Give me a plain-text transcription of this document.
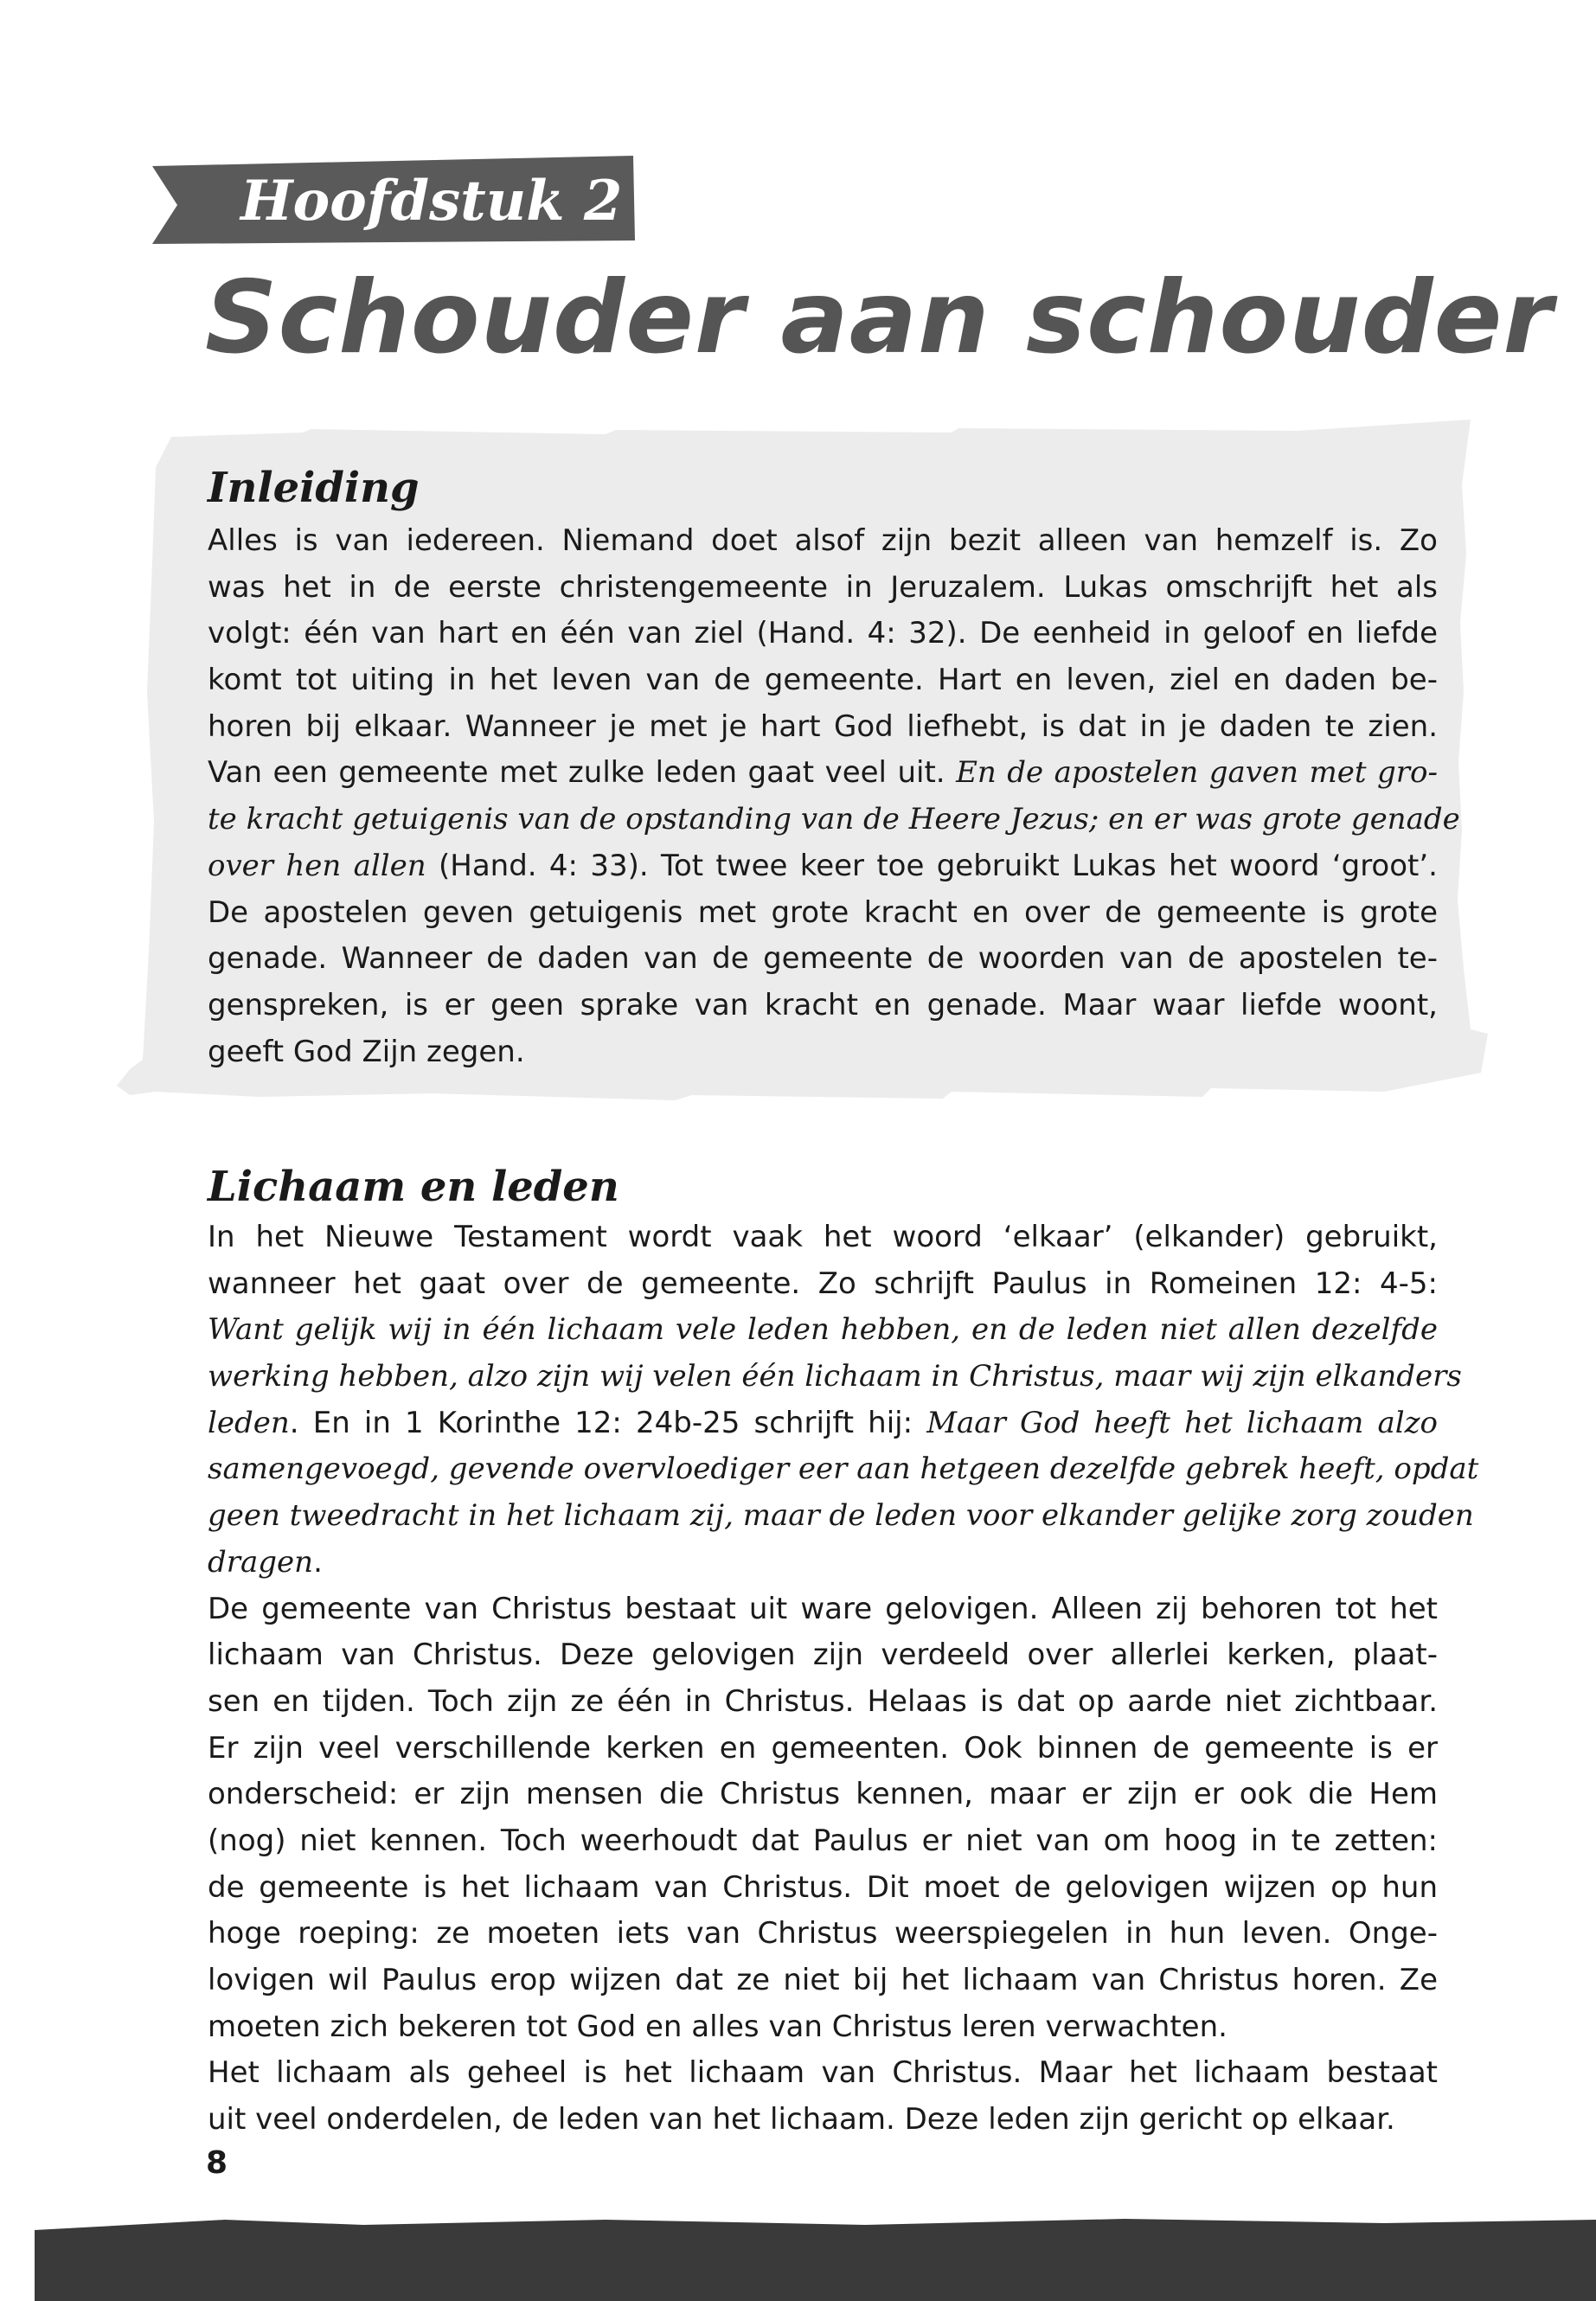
Hoofdstuk 2
Schouder aan schouder
Inleiding
Alles is van iedereen. Niemand doet alsof zijn bezit alleen van hemzelf is. Zo
was het in de eerste christengemeente in Jeruzalem. Lukas omschrijft het als
volgt: één van hart en één van ziel (Hand. 4: 32). De eenheid in geloof en liefde
komt tot uiting in het leven van de gemeente. Hart en leven, ziel en daden be-
horen bij elkaar. Wanneer je met je hart God liefhebt, is dat in je daden te zien.
Van een gemeente met zulke leden gaat veel uit. En de apostelen gaven met gro-
te kracht getuigenis van de opstanding van de Heere Jezus; en er was grote genade
over hen allen (Hand. 4: 33). Tot twee keer toe gebruikt Lukas het woord ‘groot’.
De apostelen geven getuigenis met grote kracht en over de gemeente is grote
genade. Wanneer de daden van de gemeente de woorden van de apostelen te-
genspreken, is er geen sprake van kracht en genade. Maar waar liefde woont,
geeft God Zijn zegen.
Lichaam en leden
In het Nieuwe Testament wordt vaak het woord ‘elkaar’ (elkander) gebruikt,
wanneer het gaat over de gemeente. Zo schrijft Paulus in Romeinen 12: 4-5:
Want gelijk wij in één lichaam vele leden hebben, en de leden niet allen dezelfde
werking hebben, alzo zijn wij velen één lichaam in Christus, maar wij zijn elkanders
leden. En in 1 Korinthe 12: 24b-25 schrijft hij: Maar God heeft het lichaam alzo
samengevoegd, gevende overvloediger eer aan hetgeen dezelfde gebrek heeft, opdat
geen tweedracht in het lichaam zij, maar de leden voor elkander gelijke zorg zouden
dragen.
De gemeente van Christus bestaat uit ware gelovigen. Alleen zij behoren tot het
lichaam van Christus. Deze gelovigen zijn verdeeld over allerlei kerken, plaat-
sen en tijden. Toch zijn ze één in Christus. Helaas is dat op aarde niet zichtbaar.
Er zijn veel verschillende kerken en gemeenten. Ook binnen de gemeente is er
onderscheid: er zijn mensen die Christus kennen, maar er zijn er ook die Hem
(nog) niet kennen. Toch weerhoudt dat Paulus er niet van om hoog in te zetten:
de gemeente is het lichaam van Christus. Dit moet de gelovigen wijzen op hun
hoge roeping: ze moeten iets van Christus weerspiegelen in hun leven. Onge-
lovigen wil Paulus erop wijzen dat ze niet bij het lichaam van Christus horen. Ze
moeten zich bekeren tot God en alles van Christus leren verwachten.
Het lichaam als geheel is het lichaam van Christus. Maar het lichaam bestaat
uit veel onderdelen, de leden van het lichaam. Deze leden zijn gericht op elkaar.
8
